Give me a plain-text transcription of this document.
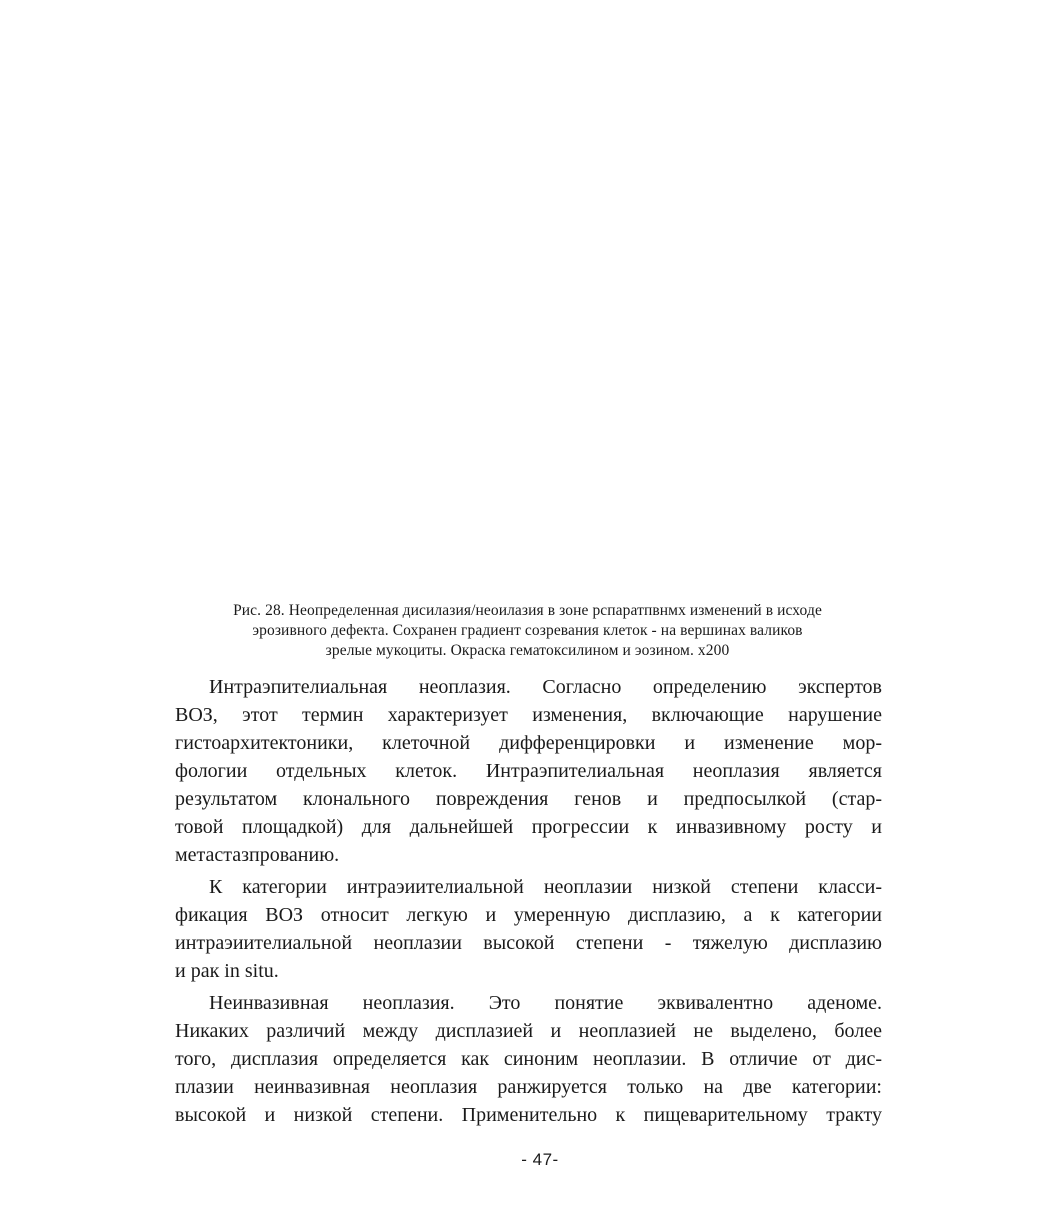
Рис. 28. Неопределенная дисилазия/неоилазия в зоне рспаратпвнмх изменений в исходе
эрозивного дефекта. Сохранен градиент созревания клеток - на вершинах валиков
зрелые мукоциты. Окраска гематоксилином и эозином. х200
Интраэпителиальная неоплазия. Согласно определению экспертов
ВОЗ, этот термин характеризует изменения, включающие нарушение
гистоархитектоники, клеточной дифференцировки и изменение мор-
фологии отдельных клеток. Интраэпителиальная неоплазия является
результатом клонального повреждения генов и предпосылкой (стар-
товой площадкой) для дальнейшей прогрессии к инвазивному росту и
метастазпрованию.
К категории интраэиителиальной неоплазии низкой степени класси-
фикация ВОЗ относит легкую и умеренную дисплазию, а к категории
интраэиителиальной неоплазии высокой степени - тяжелую дисплазию
и рак in situ.
Неинвазивная неоплазия. Это понятие эквивалентно аденоме.
Никаких различий между дисплазией и неоплазией не выделено, более
того, дисплазия определяется как синоним неоплазии. В отличие от дис-
плазии неинвазивная неоплазия ранжируется только на две категории:
высокой и низкой степени. Применительно к пищеварительному тракту
- 47-
